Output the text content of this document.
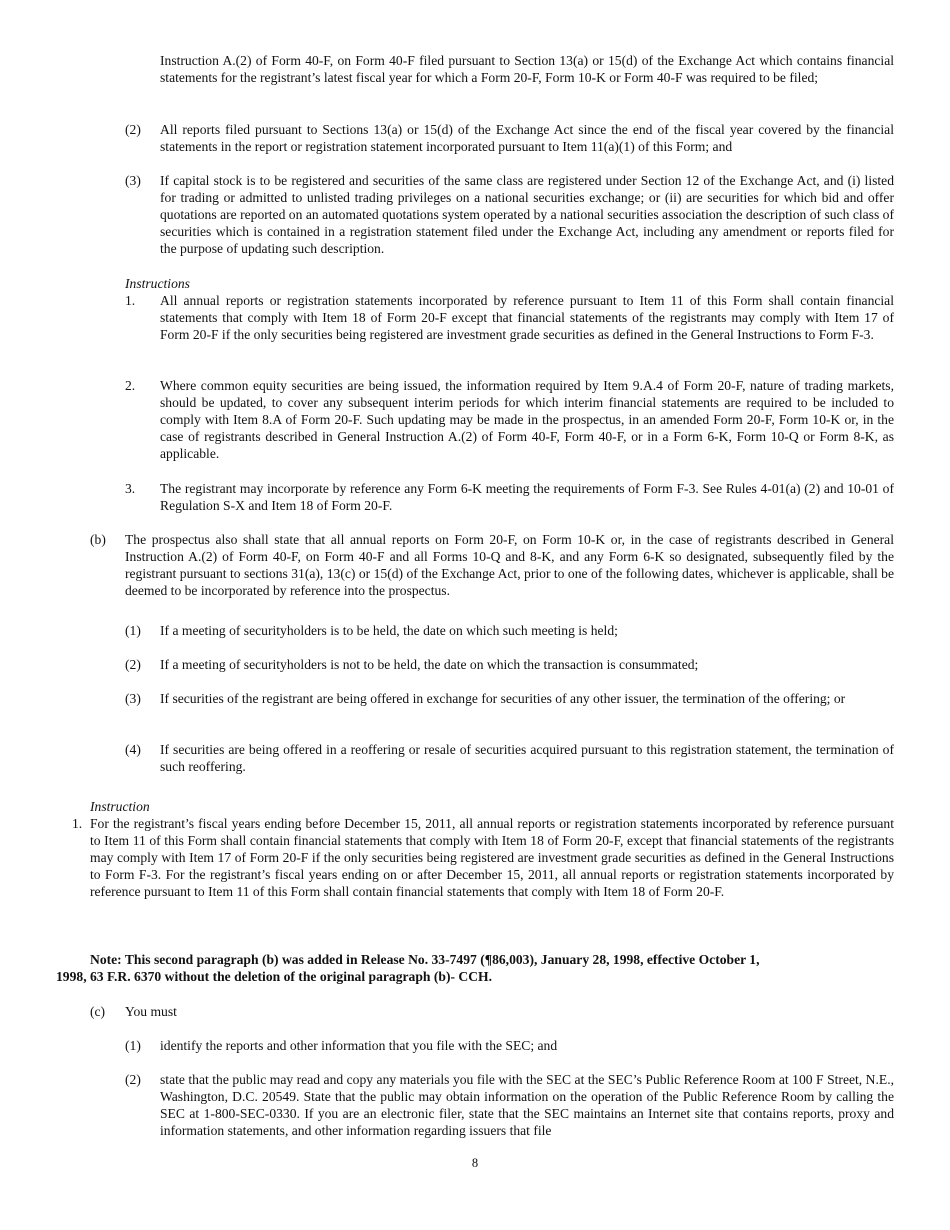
Instruction A.(2) of Form 40-F, on Form 40-F filed pursuant to Section 13(a) or 15(d) of the Exchange Act which contains financial statements for the registrant’s latest fiscal year for which a Form 20-F, Form 10-K or Form 40-F was required to be filed;

(2) All reports filed pursuant to Sections 13(a) or 15(d) of the Exchange Act since the end of the fiscal year covered by the financial statements in the report or registration statement incorporated pursuant to Item 11(a)(1) of this Form; and

(3) If capital stock is to be registered and securities of the same class are registered under Section 12 of the Exchange Act, and (i) listed for trading or admitted to unlisted trading privileges on a national securities exchange; or (ii) are securities for which bid and offer quotations are reported on an automated quotations system operated by a national securities association the description of such class of securities which is contained in a registration statement filed under the Exchange Act, including any amendment or reports filed for the purpose of updating such description.

Instructions
1. All annual reports or registration statements incorporated by reference pursuant to Item 11 of this Form shall contain financial statements that comply with Item 18 of Form 20-F except that financial statements of the registrants may comply with Item 17 of Form 20-F if the only securities being registered are investment grade securities as defined in the General Instructions to Form F-3.

2. Where common equity securities are being issued, the information required by Item 9.A.4 of Form 20-F, nature of trading markets, should be updated, to cover any subsequent interim periods for which interim financial statements are required to be included to comply with Item 8.A of Form 20-F. Such updating may be made in the prospectus, in an amended Form 20-F, Form 10-K or, in the case of registrants described in General Instruction A.(2) of Form 40-F, Form 40-F, or in a Form 6-K, Form 10-Q or Form 8-K, as applicable.

3. The registrant may incorporate by reference any Form 6-K meeting the requirements of Form F-3. See Rules 4-01(a) (2) and 10-01 of Regulation S-X and Item 18 of Form 20-F.

(b) The prospectus also shall state that all annual reports on Form 20-F, on Form 10-K or, in the case of registrants described in General Instruction A.(2) of Form 40-F, on Form 40-F and all Forms 10-Q and 8-K, and any Form 6-K so designated, subsequently filed by the registrant pursuant to sections 31(a), 13(c) or 15(d) of the Exchange Act, prior to one of the following dates, whichever is applicable, shall be deemed to be incorporated by reference into the prospectus.

(1) If a meeting of securityholders is to be held, the date on which such meeting is held;

(2) If a meeting of securityholders is not to be held, the date on which the transaction is consummated;

(3) If securities of the registrant are being offered in exchange for securities of any other issuer, the termination of the offering; or

(4) If securities are being offered in a reoffering or resale of securities acquired pursuant to this registration statement, the termination of such reoffering.

Instruction
1. For the registrant’s fiscal years ending before December 15, 2011, all annual reports or registration statements incorporated by reference pursuant to Item 11 of this Form shall contain financial statements that comply with Item 18 of Form 20-F, except that financial statements of the registrants may comply with Item 17 of Form 20-F if the only securities being registered are investment grade securities as defined in the General Instructions to Form F-3. For the registrant’s fiscal years ending on or after December 15, 2011, all annual reports or registration statements incorporated by reference pursuant to Item 11 of this Form shall contain financial statements that comply with Item 18 of Form 20-F.

Note: This second paragraph (b) was added in Release No. 33-7497 (¶86,003), January 28, 1998, effective October 1,
1998, 63 F.R. 6370 without the deletion of the original paragraph (b)- CCH.
(c) You must
(1) identify the reports and other information that you file with the SEC; and

(2) state that the public may read and copy any materials you file with the SEC at the SEC’s Public Reference Room at 100 F Street, N.E., Washington, D.C. 20549. State that the public may obtain information on the operation of the Public Reference Room by calling the SEC at 1-800-SEC-0330. If you are an electronic filer, state that the SEC maintains an Internet site that contains reports, proxy and information statements, and other information regarding issuers that file

8
